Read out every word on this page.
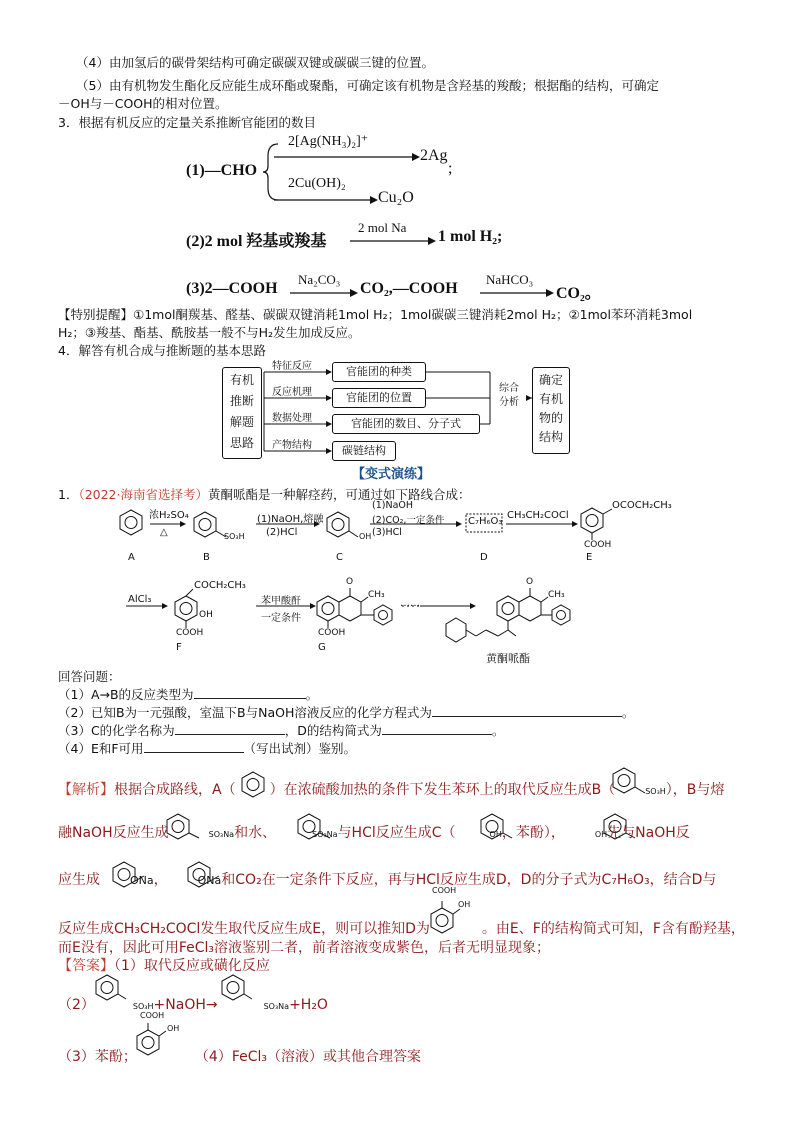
（4）由加氢后的碳骨架结构可确定碳碳双键或碳碳三键的位置。
（5）由有机物发生酯化反应能生成环酯或聚酯，可确定该有机物是含羟基的羧酸；根据酯的结构，可确定
－OH与－COOH的相对位置。
3．根据有机反应的定量关系推断官能团的数目
(1)—CHO
2[Ag(NH₃)₂]⁺
2Ag
;
2Cu(OH)₂
Cu₂O
(2)2 mol 羟基或羧基
2 mol Na
1 mol H₂;
(3)2—COOH
Na₂CO₃
CO₂,—COOH
NaHCO₃
CO₂。
【特别提醒】①1mol酮羰基、醛基、碳碳双键消耗1mol H₂；1mol碳碳三键消耗2mol H₂；②1mol苯环消耗3mol
H₂；③羧基、酯基、酰胺基一般不与H₂发生加成反应。
4．解答有机合成与推断题的基本思路
有机
推断
解题
思路
特征反应
反应机理
数据处理
产物结构
官能团的种类
官能团的位置
官能团的数目、分子式
碳链结构
综合
分析
确定
有机
物的
结构
【变式演练】
1．（2022·海南省选择考）黄酮哌酯是一种解痉药，可通过如下路线合成：
浓H₂SO₄
△	SO₃H
(1)NaOH,熔融
(2)HCl	OH
(1)NaOH
(2)CO₂,一定条件
(3)HCl
C₇H₆O₃
CH₃CH₂COCl
OCOCH₂CH₃
COOH
A	B	C	D	E
AlCl₃
COCH₂CH₃
OH
COOH
F
苯甲酸酐
一定条件
O
CH₃
COOH
G
……
O
CH₃
黄酮哌酯
回答问题：
（1）A→B的反应类型为	。
（2）已知B为一元强酸，室温下B与NaOH溶液反应的化学方程式为	。
（3）C的化学名称为	，D的结构简式为	。
（4）E和F可用	（写出试剂）鉴别。
【解析】根据合成路线，A（ ）在浓硫酸加热的条件下发生苯环上的取代反应生成B（	SO₃H），B与熔
融NaOH反应生成	SO₃Na和水、	SO₃Na与HCl反应生成C（	OH，苯酚），	OH先与NaOH反
应生成	ONa，	ONa和CO₂在一定条件下反应，再与HCl反应生成D，D的分子式为C₇H₆O₃，结合D与
COOH
OH
反应生成CH₃CH₂COCl发生取代反应生成E，则可以推知D为	。由E、F的结构简式可知，F含有酚羟基，
而E没有，因此可用FeCl₃溶液鉴别二者，前者溶液变成紫色，后者无明显现象；
【答案】（1）取代反应或磺化反应
（2）	SO₃H+NaOH→	SO₃Na+H₂O
COOH
OH
（3）苯酚；	（4）FeCl₃（溶液）或其他合理答案
